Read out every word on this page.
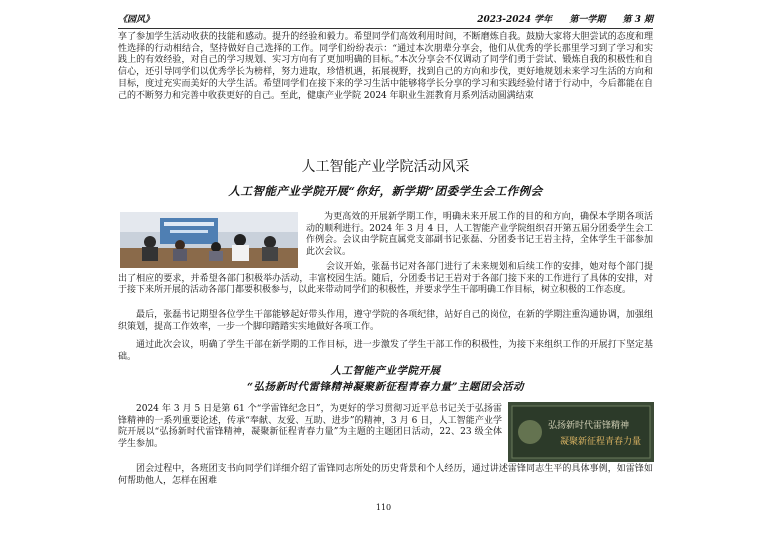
《园风》	2023-2024 学年 第一学期 第 3 期
享了参加学生活动收获的技能和感动。提升的经验和毅力。希望同学们高效利用时间，不断磨炼自我。鼓励大家将大胆尝试的态度和理性选择的行动相结合，坚持做好自己选择的工作。同学们纷纷表示：“通过本次朋辈分享会，他们从优秀的学长那里学习到了学习和实践上的有效经验，对自己的学习规划、实习方向有了更加明确的目标。”本次分享会不仅调动了同学们勇于尝试、锻炼自我的积极性和自信心，还引导同学们以优秀学长为榜样，努力进取，珍惜机遇，拓展视野，找到自己的方向和步伐，更好地规划未来学习生活的方向和目标，度过充实而美好的大学生活。希望同学们在接下来的学习生活中能够将学长分享的学习和实践经验付诸于行动中，今后都能在自己的不断努力和完善中收获更好的自己。至此，健康产业学院 2024 年职业生涯教育月系列活动圆满结束
人工智能产业学院活动风采
人工智能产业学院开展“你好，新学期”团委学生会工作例会
为更高效的开展新学期工作，明确未来开展工作的目的和方向，确保本学期各项活动的顺利进行。2024 年 3 月 4 日，人工智能产业学院组织召开第五届分团委学生会工作例会。会议由学院直属党支部副书记张磊、分团委书记王岩主持，全体学生干部参加此次会议。
会议开始，张磊书记对各部门进行了未来规划和后续工作的安排，她对每个部门提出了相应的要求，并希望各部门积极举办活动，丰富校园生活。随后，分团委书记王岩对于各部门接下来的工作进行了具体的安排，对于接下来所开展的活动各部门都要积极参与，以此来带动同学们的积极性，并要求学生干部明确工作目标，树立积极的工作态度。
最后，张磊书记期望各位学生干部能够起好带头作用，遵守学院的各项纪律，站好自己的岗位，在新的学期注重沟通协调，加强组织策划，提高工作效率，一步一个脚印踏踏实实地做好各项工作。
通过此次会议，明确了学生干部在新学期的工作目标，进一步激发了学生干部工作的积极性，为接下来组织工作的开展打下坚定基础。
人工智能产业学院开展
“弘扬新时代雷锋精神凝聚新征程青春力量”主题团会活动
2024 年 3 月 5 日是第 61 个“学雷锋纪念日”，为更好的学习贯彻习近平总书记关于弘扬雷锋精神的一系列重要论述，传承“奉献、友爱、互助、进步”的精神，3 月 6 日，人工智能产业学院开展以“弘扬新时代雷锋精神，凝聚新征程青春力量”为主题的主题团日活动，22、23 级全体学生参加。
弘扬新时代雷锋精神
凝聚新征程青春力量
团会过程中，各班团支书向同学们详细介绍了雷锋同志所处的历史背景和个人经历，通过讲述雷锋同志生平的具体事例，如雷锋如何帮助他人，怎样在困难
110
